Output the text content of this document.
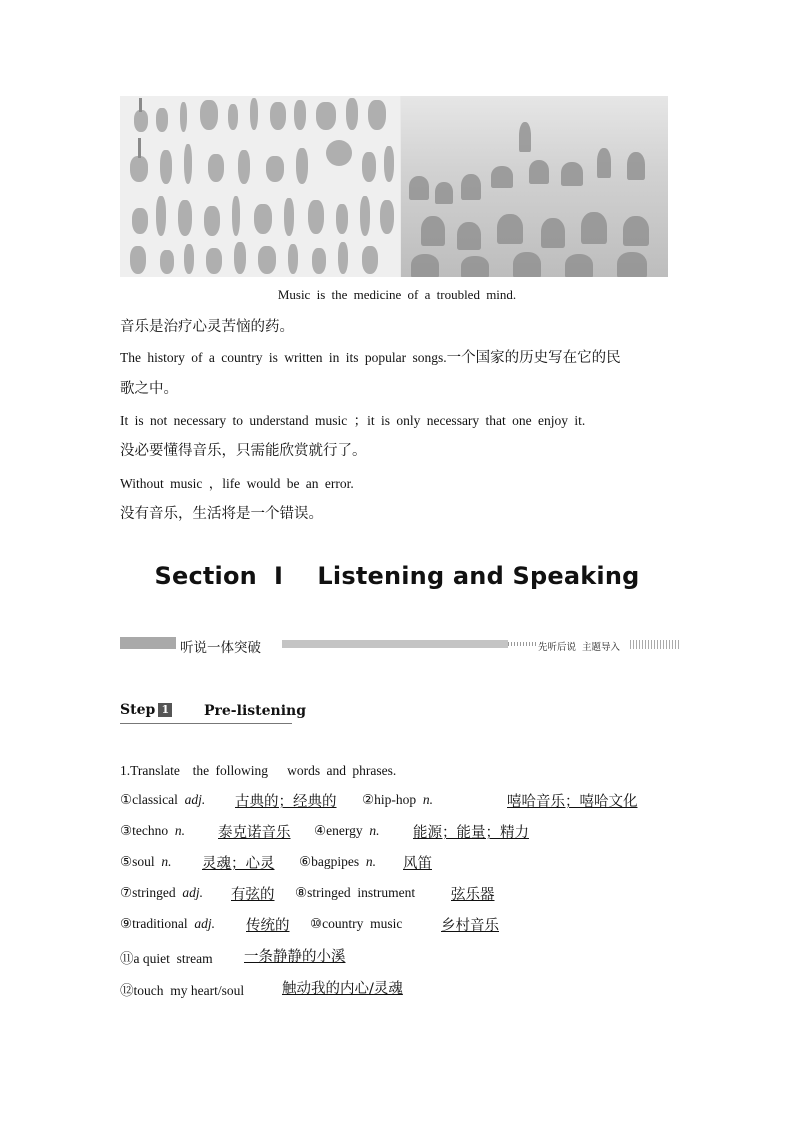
Music is the medicine of a troubled mind.
音乐是治疗心灵苦恼的药。
The history of a country is written in its popular songs.一个国家的历史写在它的民
歌之中。
It is not necessary to understand music ；it is only necessary that one enjoy it.
没必要懂得音乐，只需能欣赏就行了。
Without music ，life would be an error.
没有音乐，生活将是一个错误。
Section  Ⅰ    Listening and Speaking
听说一体突破	先听后说  主题导入
Step 1 Pre-listening
1.Translate  the following   words and phrases.
①classical adj. 古典的；经典的 ②hip-hop n.	嘻哈音乐；嘻哈文化
③techno n. 泰克诺音乐 ④energy n. 能源；能量；精力
⑤soul n. 灵魂；心灵 ⑥bagpipes n. 风笛
⑦stringed adj. 有弦的 ⑧stringed  instrument 弦乐器
⑨traditional adj. 传统的 ⑩country  music	乡村音乐
⑪a quiet  stream 一条静静的小溪
⑫touch  my heart/soul	触动我的内心/灵魂
